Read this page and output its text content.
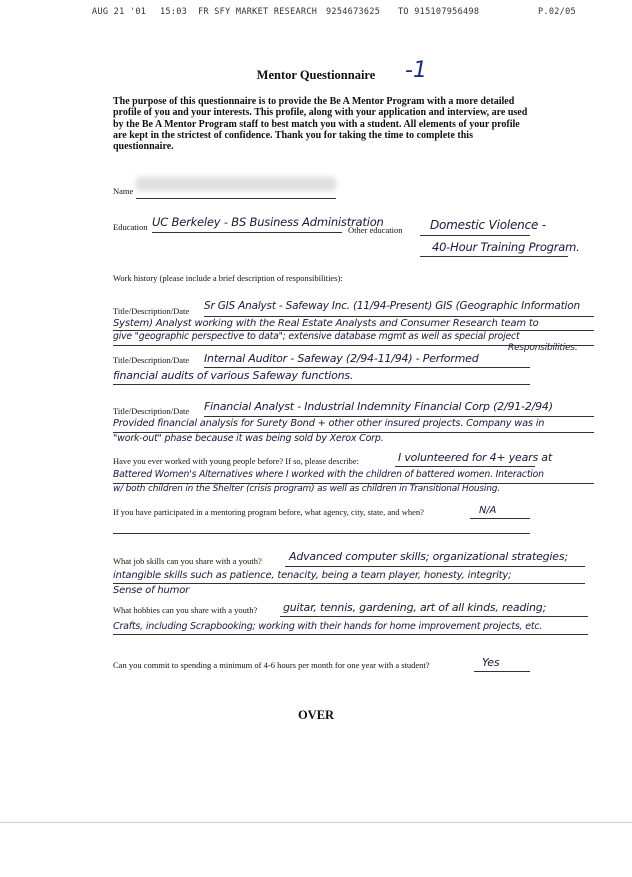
AUG 21 '01	15:03	FR SFY MARKET RESEARCH	9254673625	TO 915107956498	P.02/05
Mentor Questionnaire	-1
The purpose of this questionnaire is to provide the Be A Mentor Program with a more detailed profile of you and your interests. This profile, along with your application and interview, are used by the Be A Mentor Program staff to best match you with a student. All elements of your profile are kept in the strictest of confidence. Thank you for taking the time to complete this questionnaire.
Name
Education UC Berkeley - BS Business Administration
Other education Domestic Violence -
40-Hour Training Program.
Work history (please include a brief description of responsibilities):
Title/Description/Date Sr GIS Analyst - Safeway Inc. (11/94-Present) GIS (Geographic Information
System) Analyst working with the Real Estate Analysts and Consumer Research team to
give "geographic perspective to data"; extensive database mgmt as well as special project
Responsibilities.
Title/Description/Date Internal Auditor - Safeway (2/94-11/94) - Performed
financial audits of various Safeway functions.
Title/Description/Date Financial Analyst - Industrial Indemnity Financial Corp (2/91-2/94)
Provided financial analysis for Surety Bond + other other insured projects. Company was in
"work-out" phase because it was being sold by Xerox Corp.
Have you ever worked with young people before? If so, please describe:	I volunteered for 4+ years at
Battered Women's Alternatives where I worked with the children of battered women. Interaction
w/ both children in the Shelter (crisis program) as well as children in Transitional Housing.
If you have participated in a mentoring program before, what agency, city, state, and when?	N/A
What job skills can you share with a youth? Advanced computer skills; organizational strategies;
intangible skills such as patience, tenacity, being a team player, honesty, integrity;
Sense of humor
What hobbies can you share with a youth? guitar, tennis, gardening, art of all kinds, reading;
Crafts, including Scrapbooking; working with their hands for home improvement projects, etc.
Can you commit to spending a minimum of 4-6 hours per month for one year with a student?	Yes
OVER
